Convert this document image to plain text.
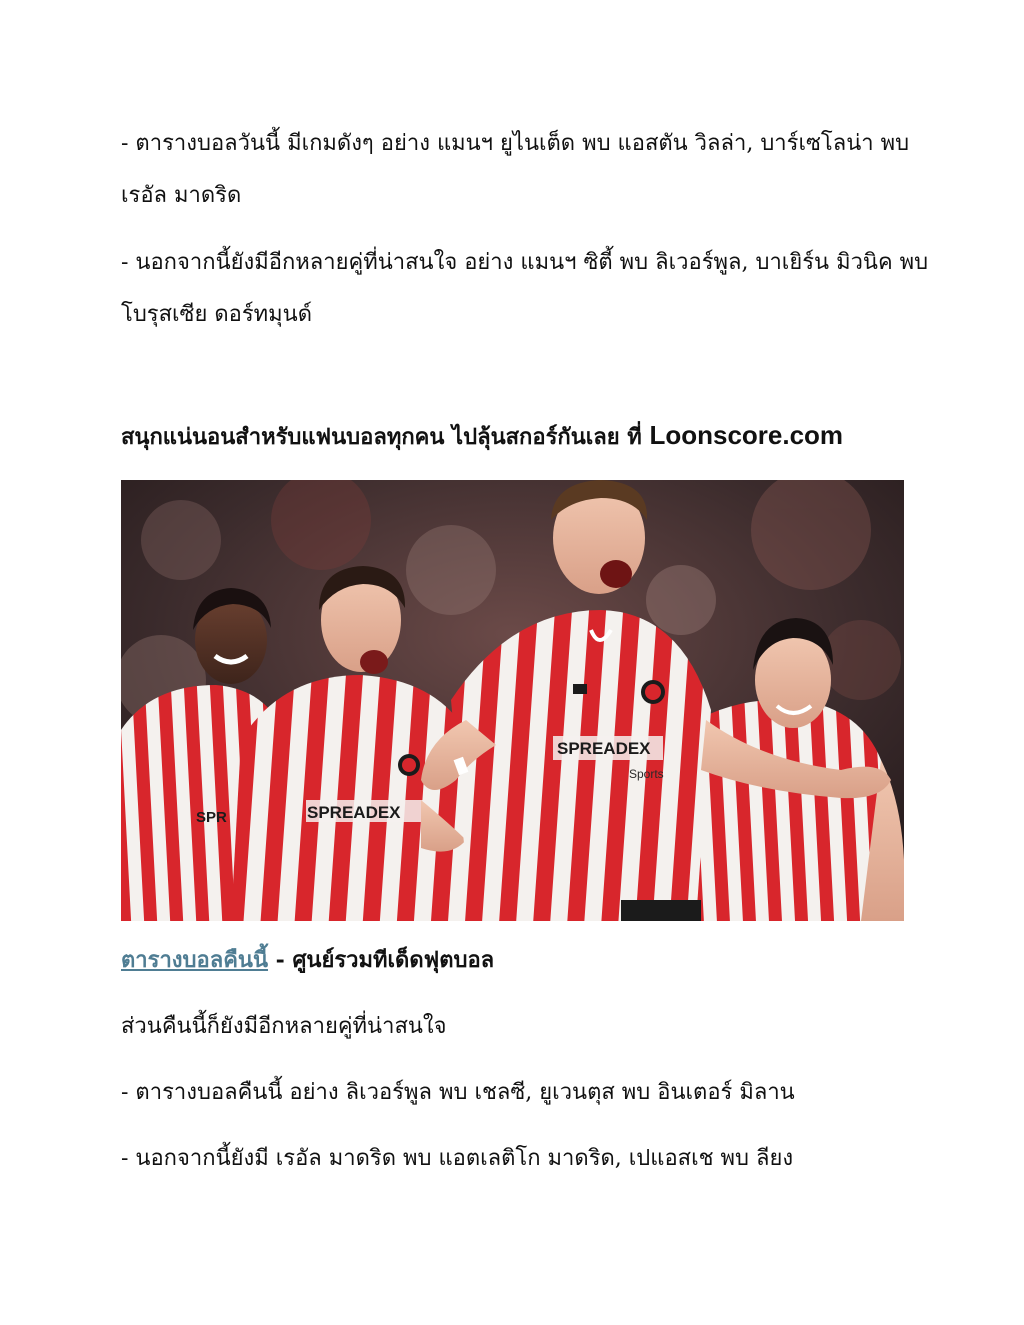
- ตารางบอลวันนี้ มีเกมดังๆ อย่าง แมนฯ ยูไนเต็ด พบ แอสตัน วิลล่า, บาร์เซโลน่า พบ
เรอัล มาดริด
- นอกจากนี้ยังมีอีกหลายคู่ที่น่าสนใจ อย่าง แมนฯ ซิตี้ พบ ลิเวอร์พูล, บาเยิร์น มิวนิค พบ
โบรุสเซีย ดอร์ทมุนด์
สนุกแน่นอนสำหรับแฟนบอลทุกคน ไปลุ้นสกอร์กันเลย ที่ Loonscore.com
SPR	SPREADEX
SPREADEX
Sports
ตารางบอลคืนนี้ - ศูนย์รวมทีเด็ดฟุตบอล
ส่วนคืนนี้ก็ยังมีอีกหลายคู่ที่น่าสนใจ
- ตารางบอลคืนนี้ อย่าง ลิเวอร์พูล พบ เชลซี, ยูเวนตุส พบ อินเตอร์ มิลาน
- นอกจากนี้ยังมี เรอัล มาดริด พบ แอตเลติโก มาดริด, เปแอสเช พบ ลียง
